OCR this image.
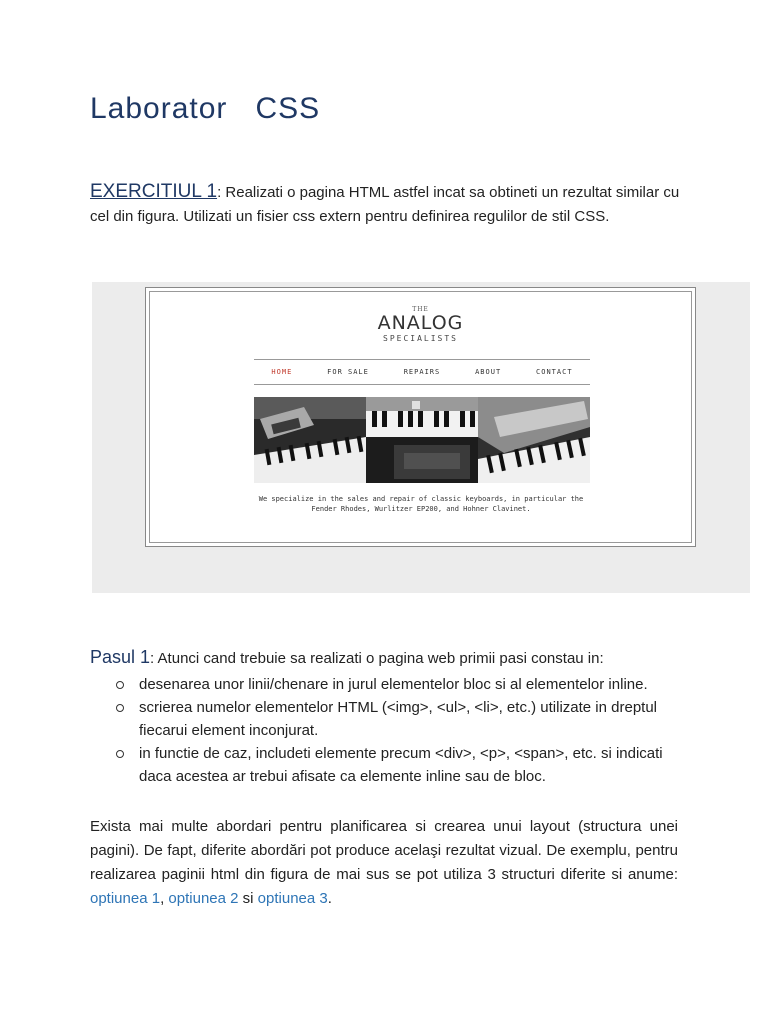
Laborator CSS
EXERCITIUL 1: Realizati o pagina HTML astfel incat sa obtineti un rezultat similar cu cel din figura. Utilizati un fisier css extern pentru definirea regulilor de stil CSS.
THE
ANALOG
SPECIALISTS
HOME	FOR SALE	REPAIRS	ABOUT	CONTACT
We specialize in the sales and repair of classic keyboards, in particular the Fender Rhodes, Wurlitzer EP200, and Hohner Clavinet.
Pasul 1: Atunci cand trebuie sa realizati o pagina web primii pasi constau in:
desenarea unor linii/chenare in jurul elementelor bloc si al elementelor inline.
scrierea numelor elementelor HTML (<img>, <ul>, <li>, etc.) utilizate in dreptul fiecarui element inconjurat.
in functie de caz, includeti elemente precum <div>, <p>, <span>, etc. si indicati daca acestea ar trebui afisate ca elemente inline sau de bloc.
Exista mai multe abordari pentru planificarea si crearea unui layout (structura unei pagini). De fapt, diferite abordări pot produce acelaşi rezultat vizual. De exemplu, pentru realizarea paginii html din figura de mai sus se pot utiliza 3 structuri diferite si anume: optiunea 1, optiunea 2 si optiunea 3.
